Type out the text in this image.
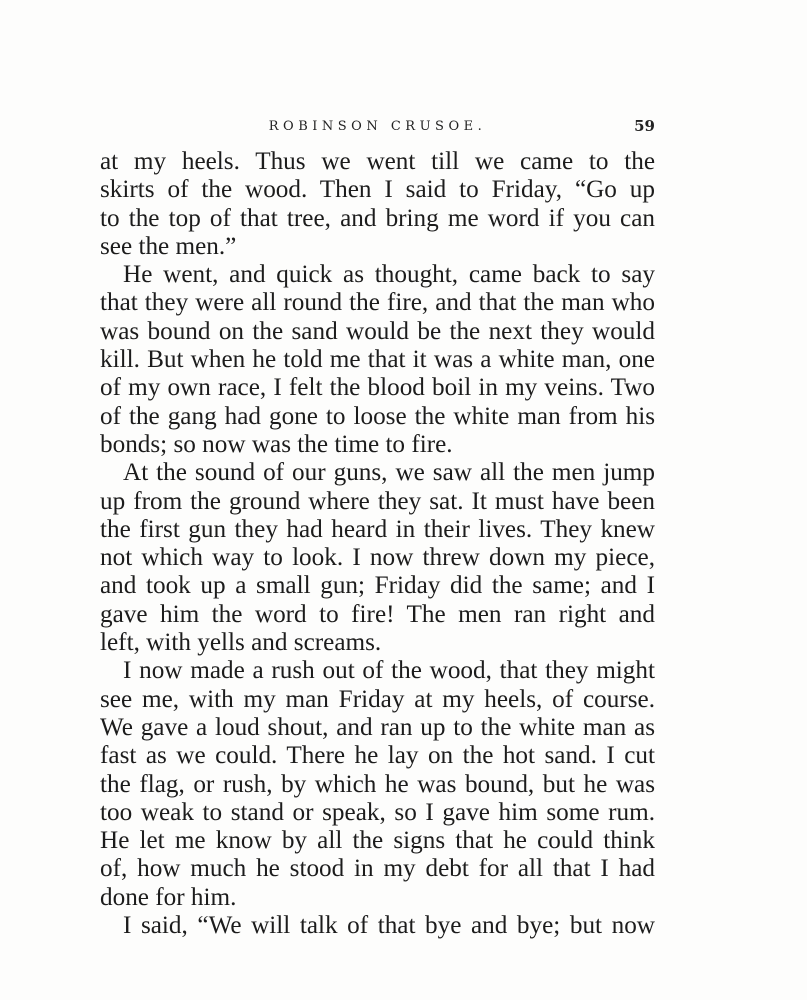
ROBINSON CRUSOE.	59
at my heels. Thus we went till we came to the
skirts of the wood. Then I said to Friday, “Go up
to the top of that tree, and bring me word if you can
see the men.”
He went, and quick as thought, came back to say
that they were all round the fire, and that the man who
was bound on the sand would be the next they would
kill. But when he told me that it was a white man, one
of my own race, I felt the blood boil in my veins. Two
of the gang had gone to loose the white man from his
bonds; so now was the time to fire.
At the sound of our guns, we saw all the men jump
up from the ground where they sat. It must have been
the first gun they had heard in their lives. They knew
not which way to look. I now threw down my piece,
and took up a small gun; Friday did the same; and I
gave him the word to fire! The men ran right and
left, with yells and screams.
I now made a rush out of the wood, that they might
see me, with my man Friday at my heels, of course.
We gave a loud shout, and ran up to the white man as
fast as we could. There he lay on the hot sand. I cut
the flag, or rush, by which he was bound, but he was
too weak to stand or speak, so I gave him some rum.
He let me know by all the signs that he could think
of, how much he stood in my debt for all that I had
done for him.
I said, “We will talk of that bye and bye; but now
